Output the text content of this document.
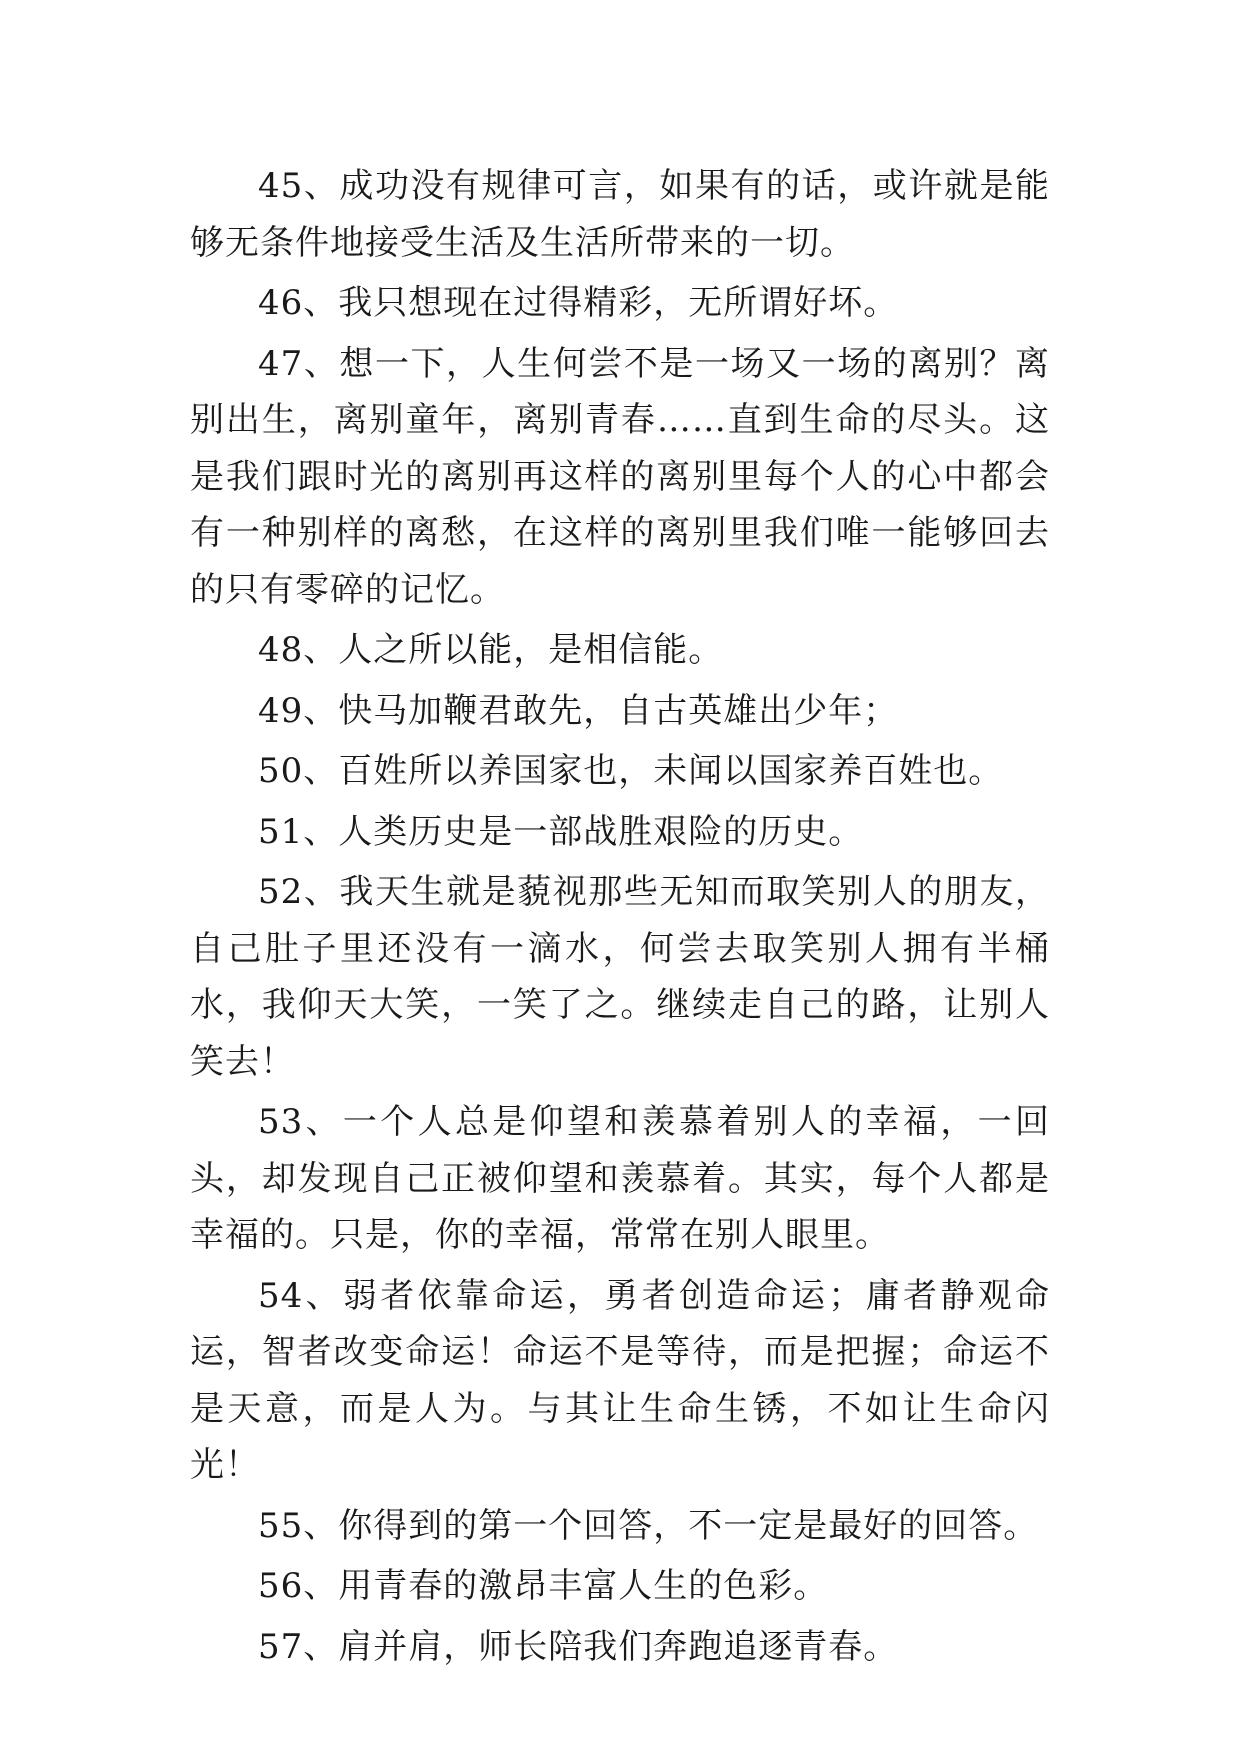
45、成功没有规律可言，如果有的话，或许就是能够无条件地接受生活及生活所带来的一切。

46、我只想现在过得精彩，无所谓好坏。

47、想一下，人生何尝不是一场又一场的离别？离别出生，离别童年，离别青春……直到生命的尽头。这是我们跟时光的离别再这样的离别里每个人的心中都会有一种别样的离愁，在这样的离别里我们唯一能够回去的只有零碎的记忆。

48、人之所以能，是相信能。

49、快马加鞭君敢先，自古英雄出少年；

50、百姓所以养国家也，未闻以国家养百姓也。

51、人类历史是一部战胜艰险的历史。

52、我天生就是藐视那些无知而取笑别人的朋友，自己肚子里还没有一滴水，何尝去取笑别人拥有半桶水，我仰天大笑，一笑了之。继续走自己的路，让别人笑去！

53、一个人总是仰望和羡慕着别人的幸福，一回头，却发现自己正被仰望和羡慕着。其实，每个人都是幸福的。只是，你的幸福，常常在别人眼里。

54、弱者依靠命运，勇者创造命运；庸者静观命运，智者改变命运！命运不是等待，而是把握；命运不是天意，而是人为。与其让生命生锈，不如让生命闪光！

55、你得到的第一个回答，不一定是最好的回答。

56、用青春的激昂丰富人生的色彩。

57、肩并肩，师长陪我们奔跑追逐青春。
